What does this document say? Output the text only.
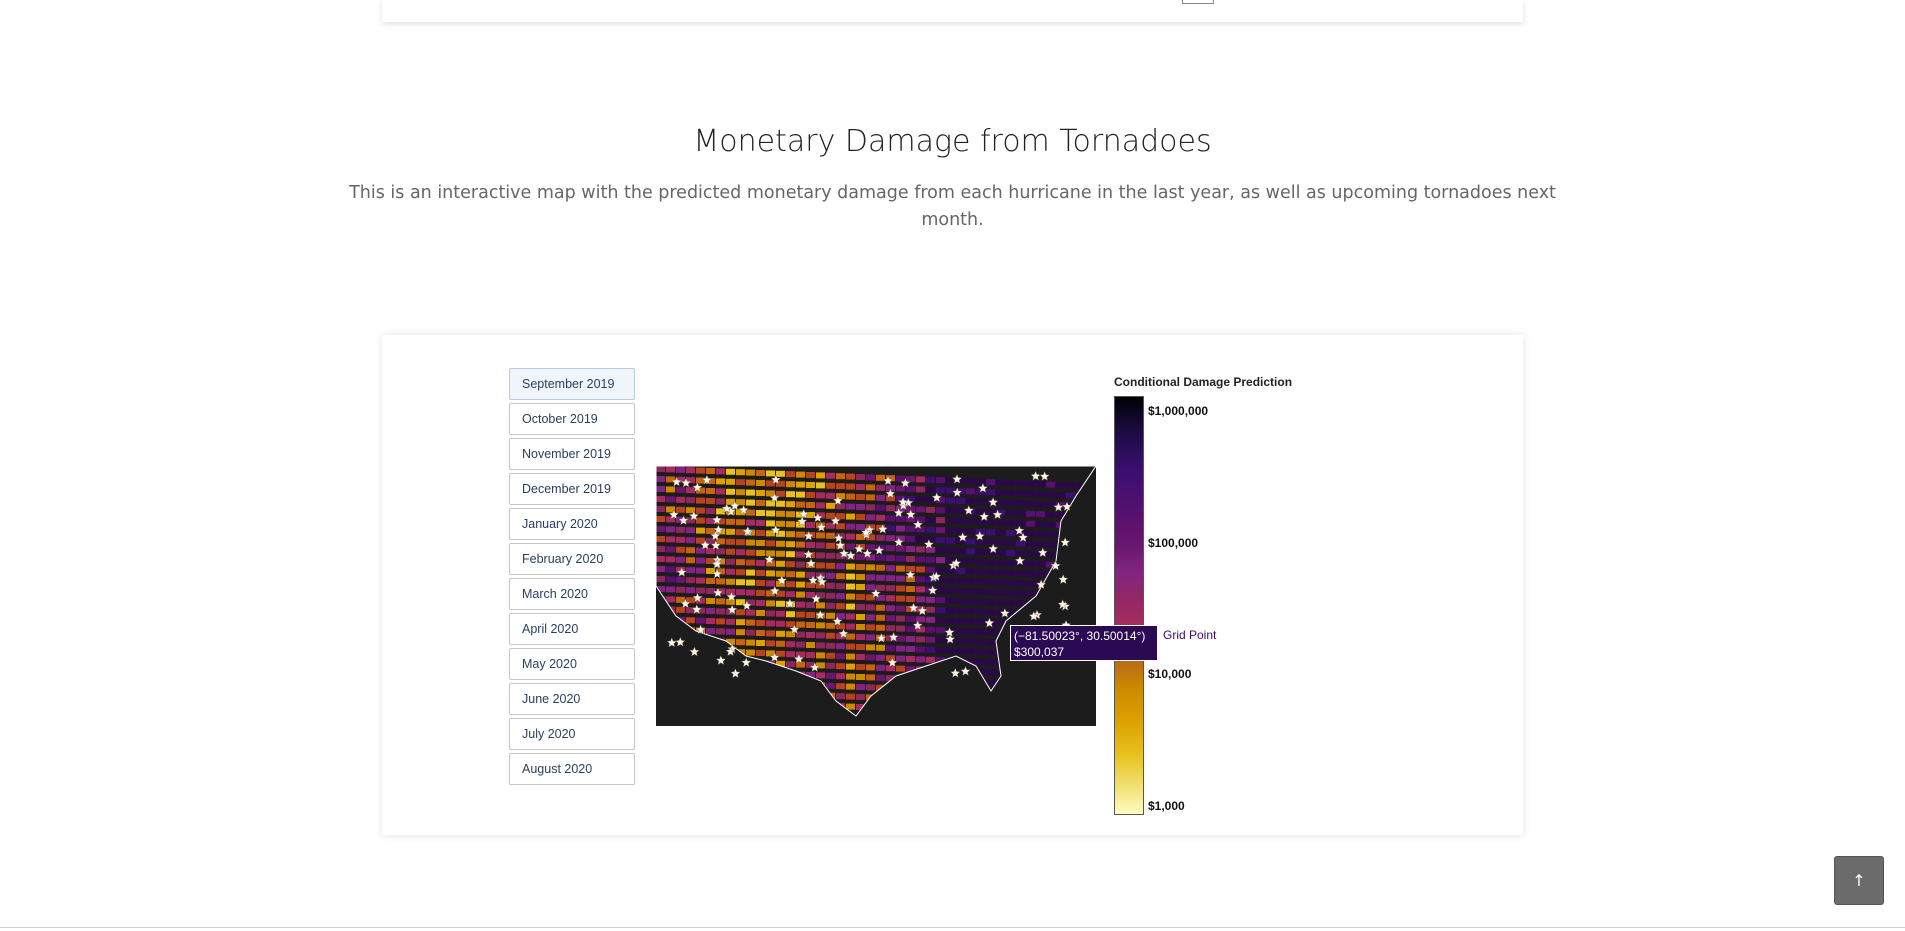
Monetary Damage from Tornadoes

This is an interactive map with the predicted monetary damage from each hurricane in the last year, as well as upcoming tornadoes next month.

September 2019
October 2019
November 2019
December 2019
January 2020
February 2020
March 2020
April 2020
May 2020
June 2020
July 2020
August 2020
Conditional Damage Prediction
$1,000,000
$100,000
$10,000
$1,000
(−81.50023°, 30.50014°)
$300,037
Grid Point
↑
